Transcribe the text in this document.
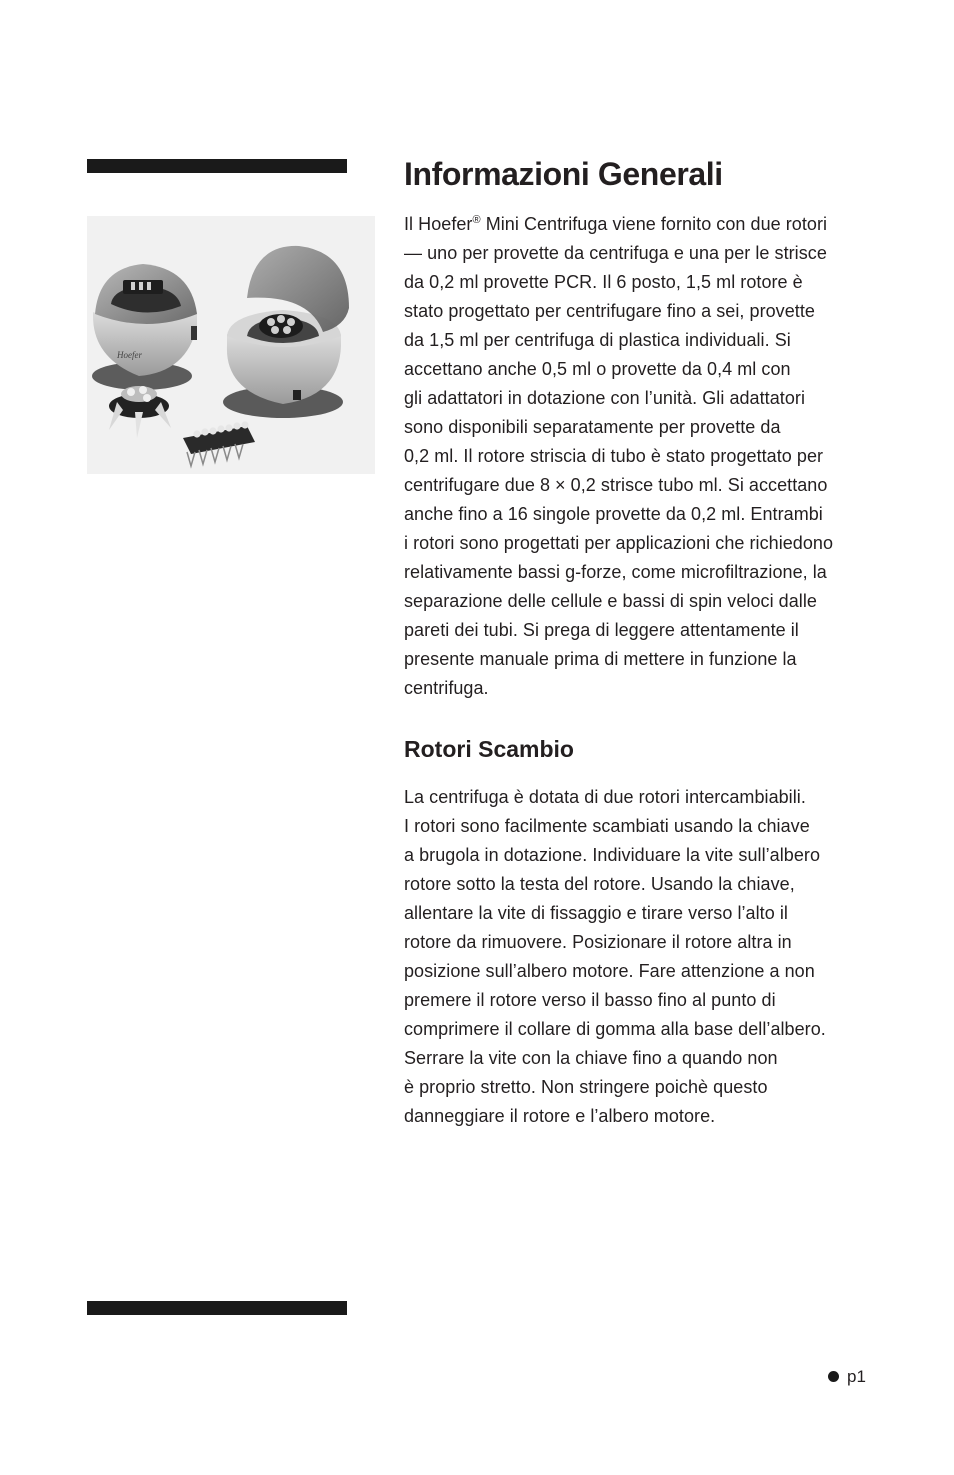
Hoefer
Informazioni Generali

Il Hoefer® Mini Centrifuga viene fornito con due rotori
— uno per provette da centrifuga e una per le strisce
da 0,2 ml provette PCR. Il 6 posto, 1,5 ml rotore è
stato progettato per centrifugare fino a sei, provette
da 1,5 ml per centrifuga di plastica individuali. Si
accettano anche 0,5 ml o provette da 0,4 ml con
gli adattatori in dotazione con l’unità. Gli adattatori
sono disponibili separatamente per provette da
0,2 ml. Il rotore striscia di tubo è stato progettato per
centrifugare due 8 × 0,2 strisce tubo ml. Si accettano
anche fino a 16 singole provette da 0,2 ml. Entrambi
i rotori sono progettati per applicazioni che richiedono
relativamente bassi g-forze, come microfiltrazione, la
separazione delle cellule e bassi di spin veloci dalle
pareti dei tubi. Si prega di leggere attentamente il
presente manuale prima di mettere in funzione la
centrifuga.

Rotori Scambio

La centrifuga è dotata di due rotori intercambiabili.
I rotori sono facilmente scambiati usando la chiave
a brugola in dotazione. Individuare la vite sull’albero
rotore sotto la testa del rotore. Usando la chiave,
allentare la vite di fissaggio e tirare verso l’alto il
rotore da rimuovere. Posizionare il rotore altra in
posizione sull’albero motore. Fare attenzione a non
premere il rotore verso il basso fino al punto di
comprimere il collare di gomma alla base dell’albero.
Serrare la vite con la chiave fino a quando non
è proprio stretto. Non stringere poichè questo
danneggiare il rotore e l’albero motore.

p1
